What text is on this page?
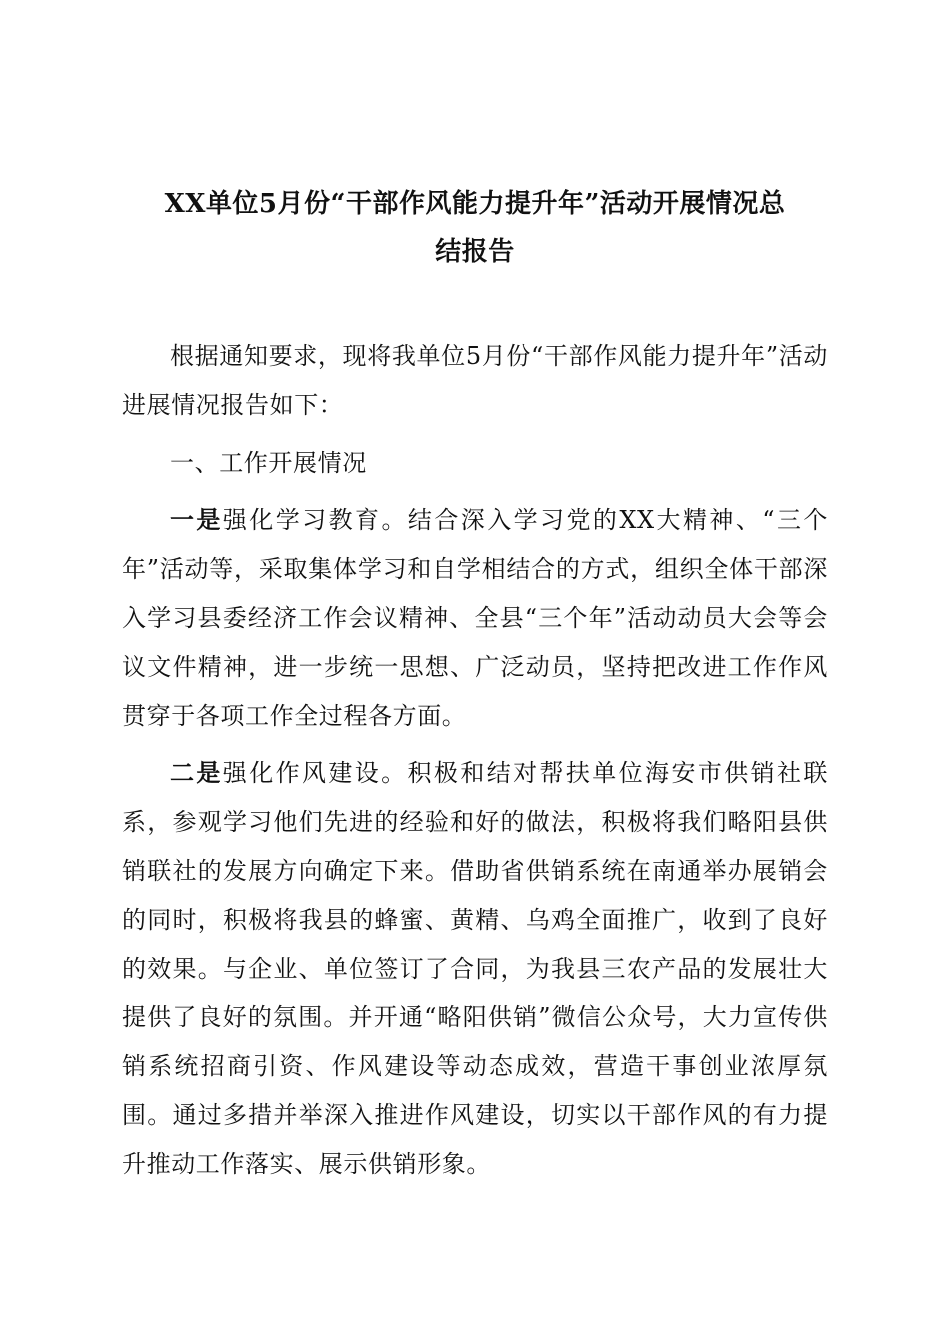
XX单位5月份“干部作风能力提升年”活动开展情况总
结报告

根据通知要求，现将我单位5月份“干部作风能力提升年”活动进展情况报告如下：

一、工作开展情况

一是强化学习教育。结合深入学习党的XX大精神、“三个年”活动等，采取集体学习和自学相结合的方式，组织全体干部深入学习县委经济工作会议精神、全县“三个年”活动动员大会等会议文件精神，进一步统一思想、广泛动员，坚持把改进工作作风贯穿于各项工作全过程各方面。

二是强化作风建设。积极和结对帮扶单位海安市供销社联系，参观学习他们先进的经验和好的做法，积极将我们略阳县供销联社的发展方向确定下来。借助省供销系统在南通举办展销会的同时，积极将我县的蜂蜜、黄精、乌鸡全面推广，收到了良好的效果。与企业、单位签订了合同，为我县三农产品的发展壮大提供了良好的氛围。并开通“略阳供销”微信公众号，大力宣传供销系统招商引资、作风建设等动态成效，营造干事创业浓厚氛围。通过多措并举深入推进作风建设，切实以干部作风的有力提升推动工作落实、展示供销形象。
